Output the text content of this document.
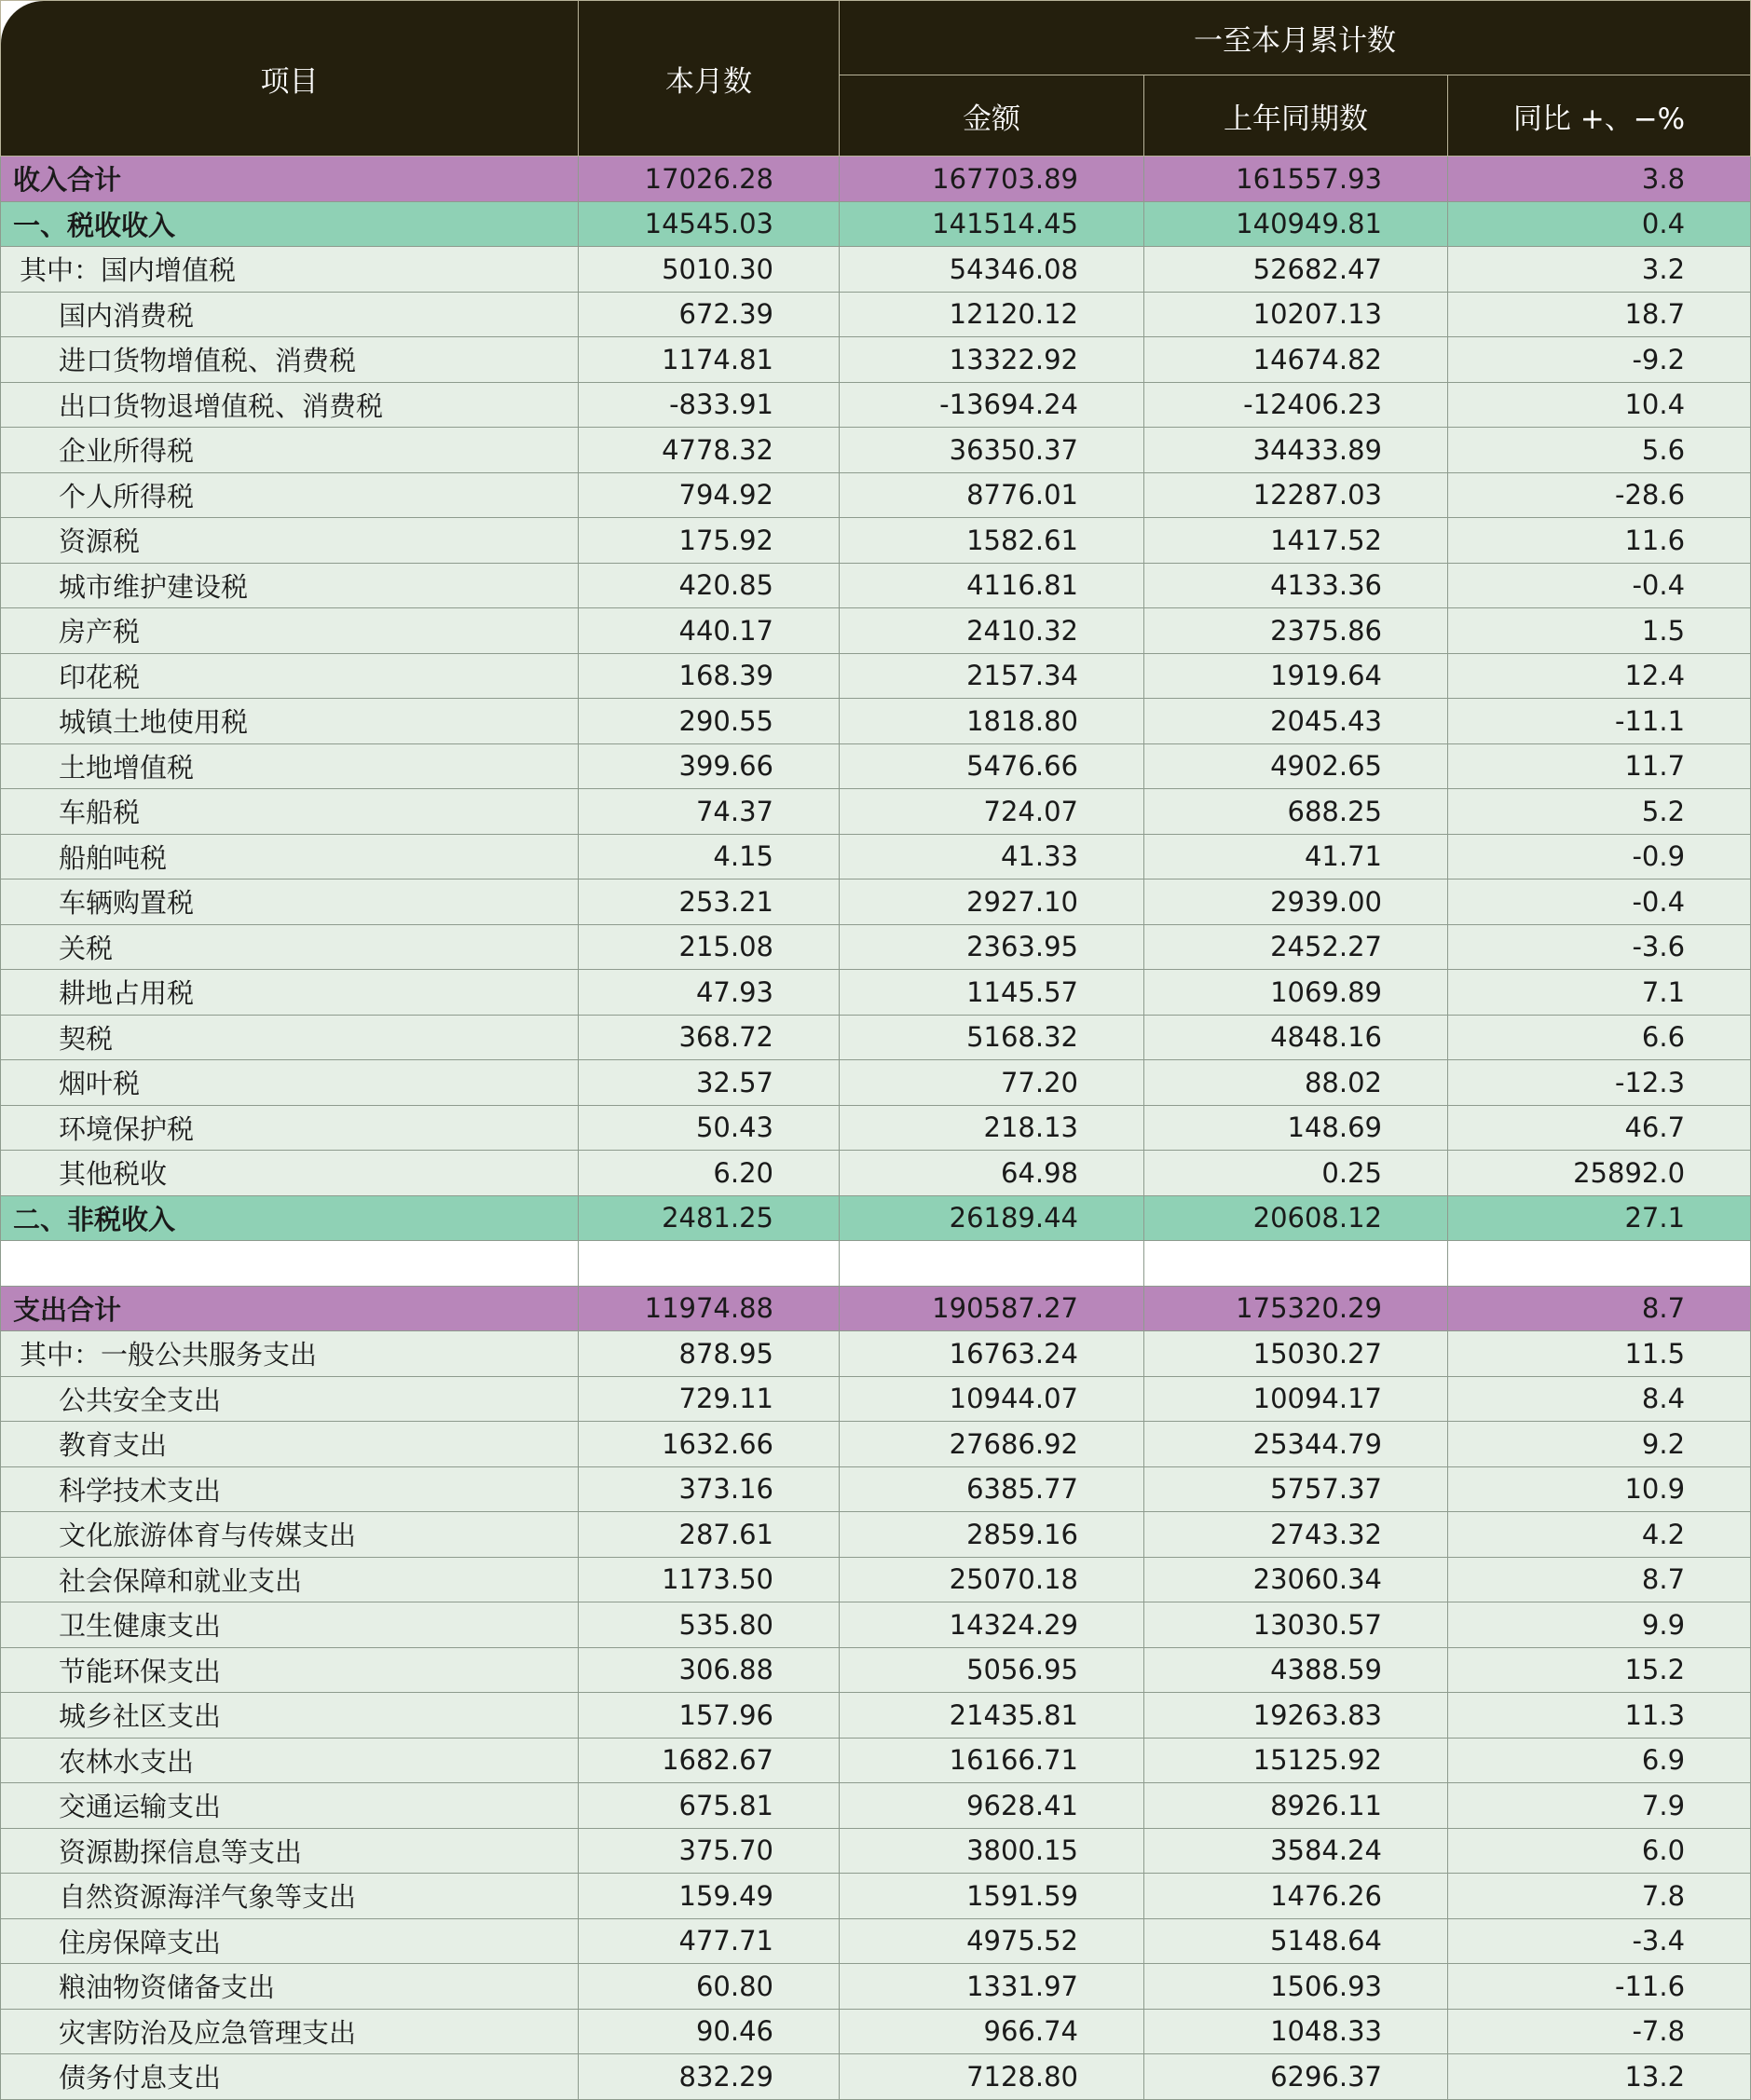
项目	本月数	一至本月累计数		
		金额	上年同期数	同比 +、−%
收入合计	17026.28	167703.89	161557.93	3.8
一、税收收入	14545.03	141514.45	140949.81	0.4
其中：国内增值税	5010.30	54346.08	52682.47	3.2
国内消费税	672.39	12120.12	10207.13	18.7
进口货物增值税、消费税	1174.81	13322.92	14674.82	-9.2
出口货物退增值税、消费税	-833.91	-13694.24	-12406.23	10.4
企业所得税	4778.32	36350.37	34433.89	5.6
个人所得税	794.92	8776.01	12287.03	-28.6
资源税	175.92	1582.61	1417.52	11.6
城市维护建设税	420.85	4116.81	4133.36	-0.4
房产税	440.17	2410.32	2375.86	1.5
印花税	168.39	2157.34	1919.64	12.4
城镇土地使用税	290.55	1818.80	2045.43	-11.1
土地增值税	399.66	5476.66	4902.65	11.7
车船税	74.37	724.07	688.25	5.2
船舶吨税	4.15	41.33	41.71	-0.9
车辆购置税	253.21	2927.10	2939.00	-0.4
关税	215.08	2363.95	2452.27	-3.6
耕地占用税	47.93	1145.57	1069.89	7.1
契税	368.72	5168.32	4848.16	6.6
烟叶税	32.57	77.20	88.02	-12.3
环境保护税	50.43	218.13	148.69	46.7
其他税收	6.20	64.98	0.25	25892.0
二、非税收入	2481.25	26189.44	20608.12	27.1

支出合计	11974.88	190587.27	175320.29	8.7
其中：一般公共服务支出	878.95	16763.24	15030.27	11.5
公共安全支出	729.11	10944.07	10094.17	8.4
教育支出	1632.66	27686.92	25344.79	9.2
科学技术支出	373.16	6385.77	5757.37	10.9
文化旅游体育与传媒支出	287.61	2859.16	2743.32	4.2
社会保障和就业支出	1173.50	25070.18	23060.34	8.7
卫生健康支出	535.80	14324.29	13030.57	9.9
节能环保支出	306.88	5056.95	4388.59	15.2
城乡社区支出	157.96	21435.81	19263.83	11.3
农林水支出	1682.67	16166.71	15125.92	6.9
交通运输支出	675.81	9628.41	8926.11	7.9
资源勘探信息等支出	375.70	3800.15	3584.24	6.0
自然资源海洋气象等支出	159.49	1591.59	1476.26	7.8
住房保障支出	477.71	4975.52	5148.64	-3.4
粮油物资储备支出	60.80	1331.97	1506.93	-11.6
灾害防治及应急管理支出	90.46	966.74	1048.33	-7.8
债务付息支出	832.29	7128.80	6296.37	13.2
